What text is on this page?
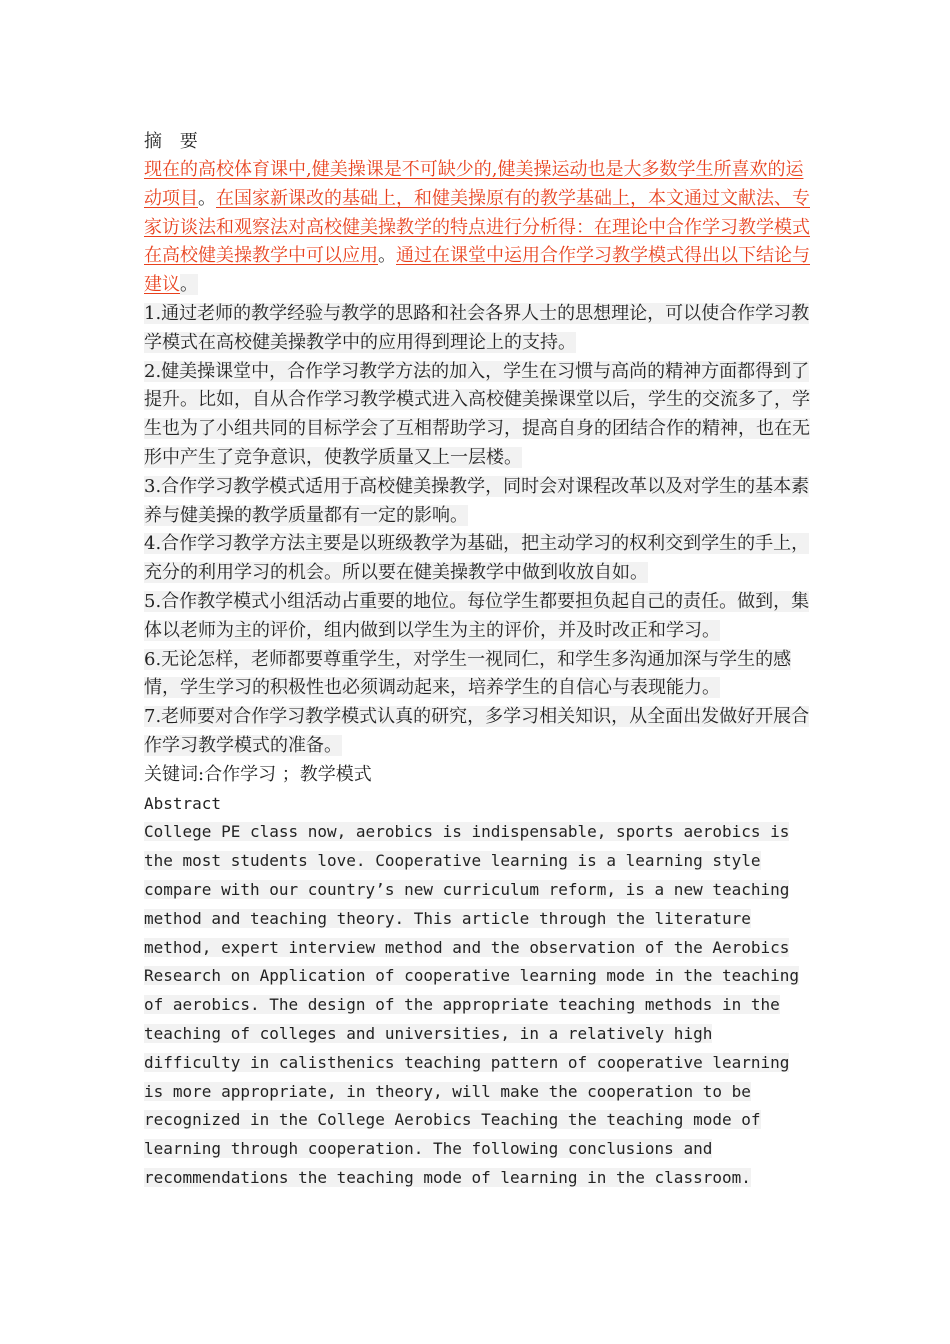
摘 要

现在的高校体育课中,健美操课是不可缺少的,健美操运动也是大多数学生所喜欢的运动项目。在国家新课改的基础上，和健美操原有的教学基础上，本文通过文献法、专家访谈法和观察法对高校健美操教学的特点进行分析得：在理论中合作学习教学模式在高校健美操教学中可以应用。通过在课堂中运用合作学习教学模式得出以下结论与建议。

1.通过老师的教学经验与教学的思路和社会各界人士的思想理论，可以使合作学习教学模式在高校健美操教学中的应用得到理论上的支持。

2.健美操课堂中，合作学习教学方法的加入，学生在习惯与高尚的精神方面都得到了提升。比如，自从合作学习教学模式进入高校健美操课堂以后，学生的交流多了，学生也为了小组共同的目标学会了互相帮助学习，提高自身的团结合作的精神，也在无形中产生了竞争意识，使教学质量又上一层楼。

3.合作学习教学模式适用于高校健美操教学，同时会对课程改革以及对学生的基本素养与健美操的教学质量都有一定的影响。

4.合作学习教学方法主要是以班级教学为基础，把主动学习的权利交到学生的手上，充分的利用学习的机会。所以要在健美操教学中做到收放自如。

5.合作教学模式小组活动占重要的地位。每位学生都要担负起自己的责任。做到，集体以老师为主的评价，组内做到以学生为主的评价，并及时改正和学习。

6.无论怎样，老师都要尊重学生，对学生一视同仁，和学生多沟通加深与学生的感情，学生学习的积极性也必须调动起来，培养学生的自信心与表现能力。

7.老师要对合作学习教学模式认真的研究，多学习相关知识，从全面出发做好开展合作学习教学模式的准备。

关键词:合作学习 ；教学模式

Abstract

College PE class now, aerobics is indispensable, sports aerobics is

the most students love. Cooperative learning is a learning style

compare with our country’s new curriculum reform, is a new teaching

method and teaching theory. This article through the literature

method, expert interview method and the observation of the Aerobics

Research on Application of cooperative learning mode in the teaching

of aerobics. The design of the appropriate teaching methods in the

teaching of colleges and universities, in a relatively high

difficulty in calisthenics teaching pattern of cooperative learning

is more appropriate, in theory, will make the cooperation to be

recognized in the College Aerobics Teaching the teaching mode of

learning through cooperation. The following conclusions and

recommendations the teaching mode of learning in the classroom.
